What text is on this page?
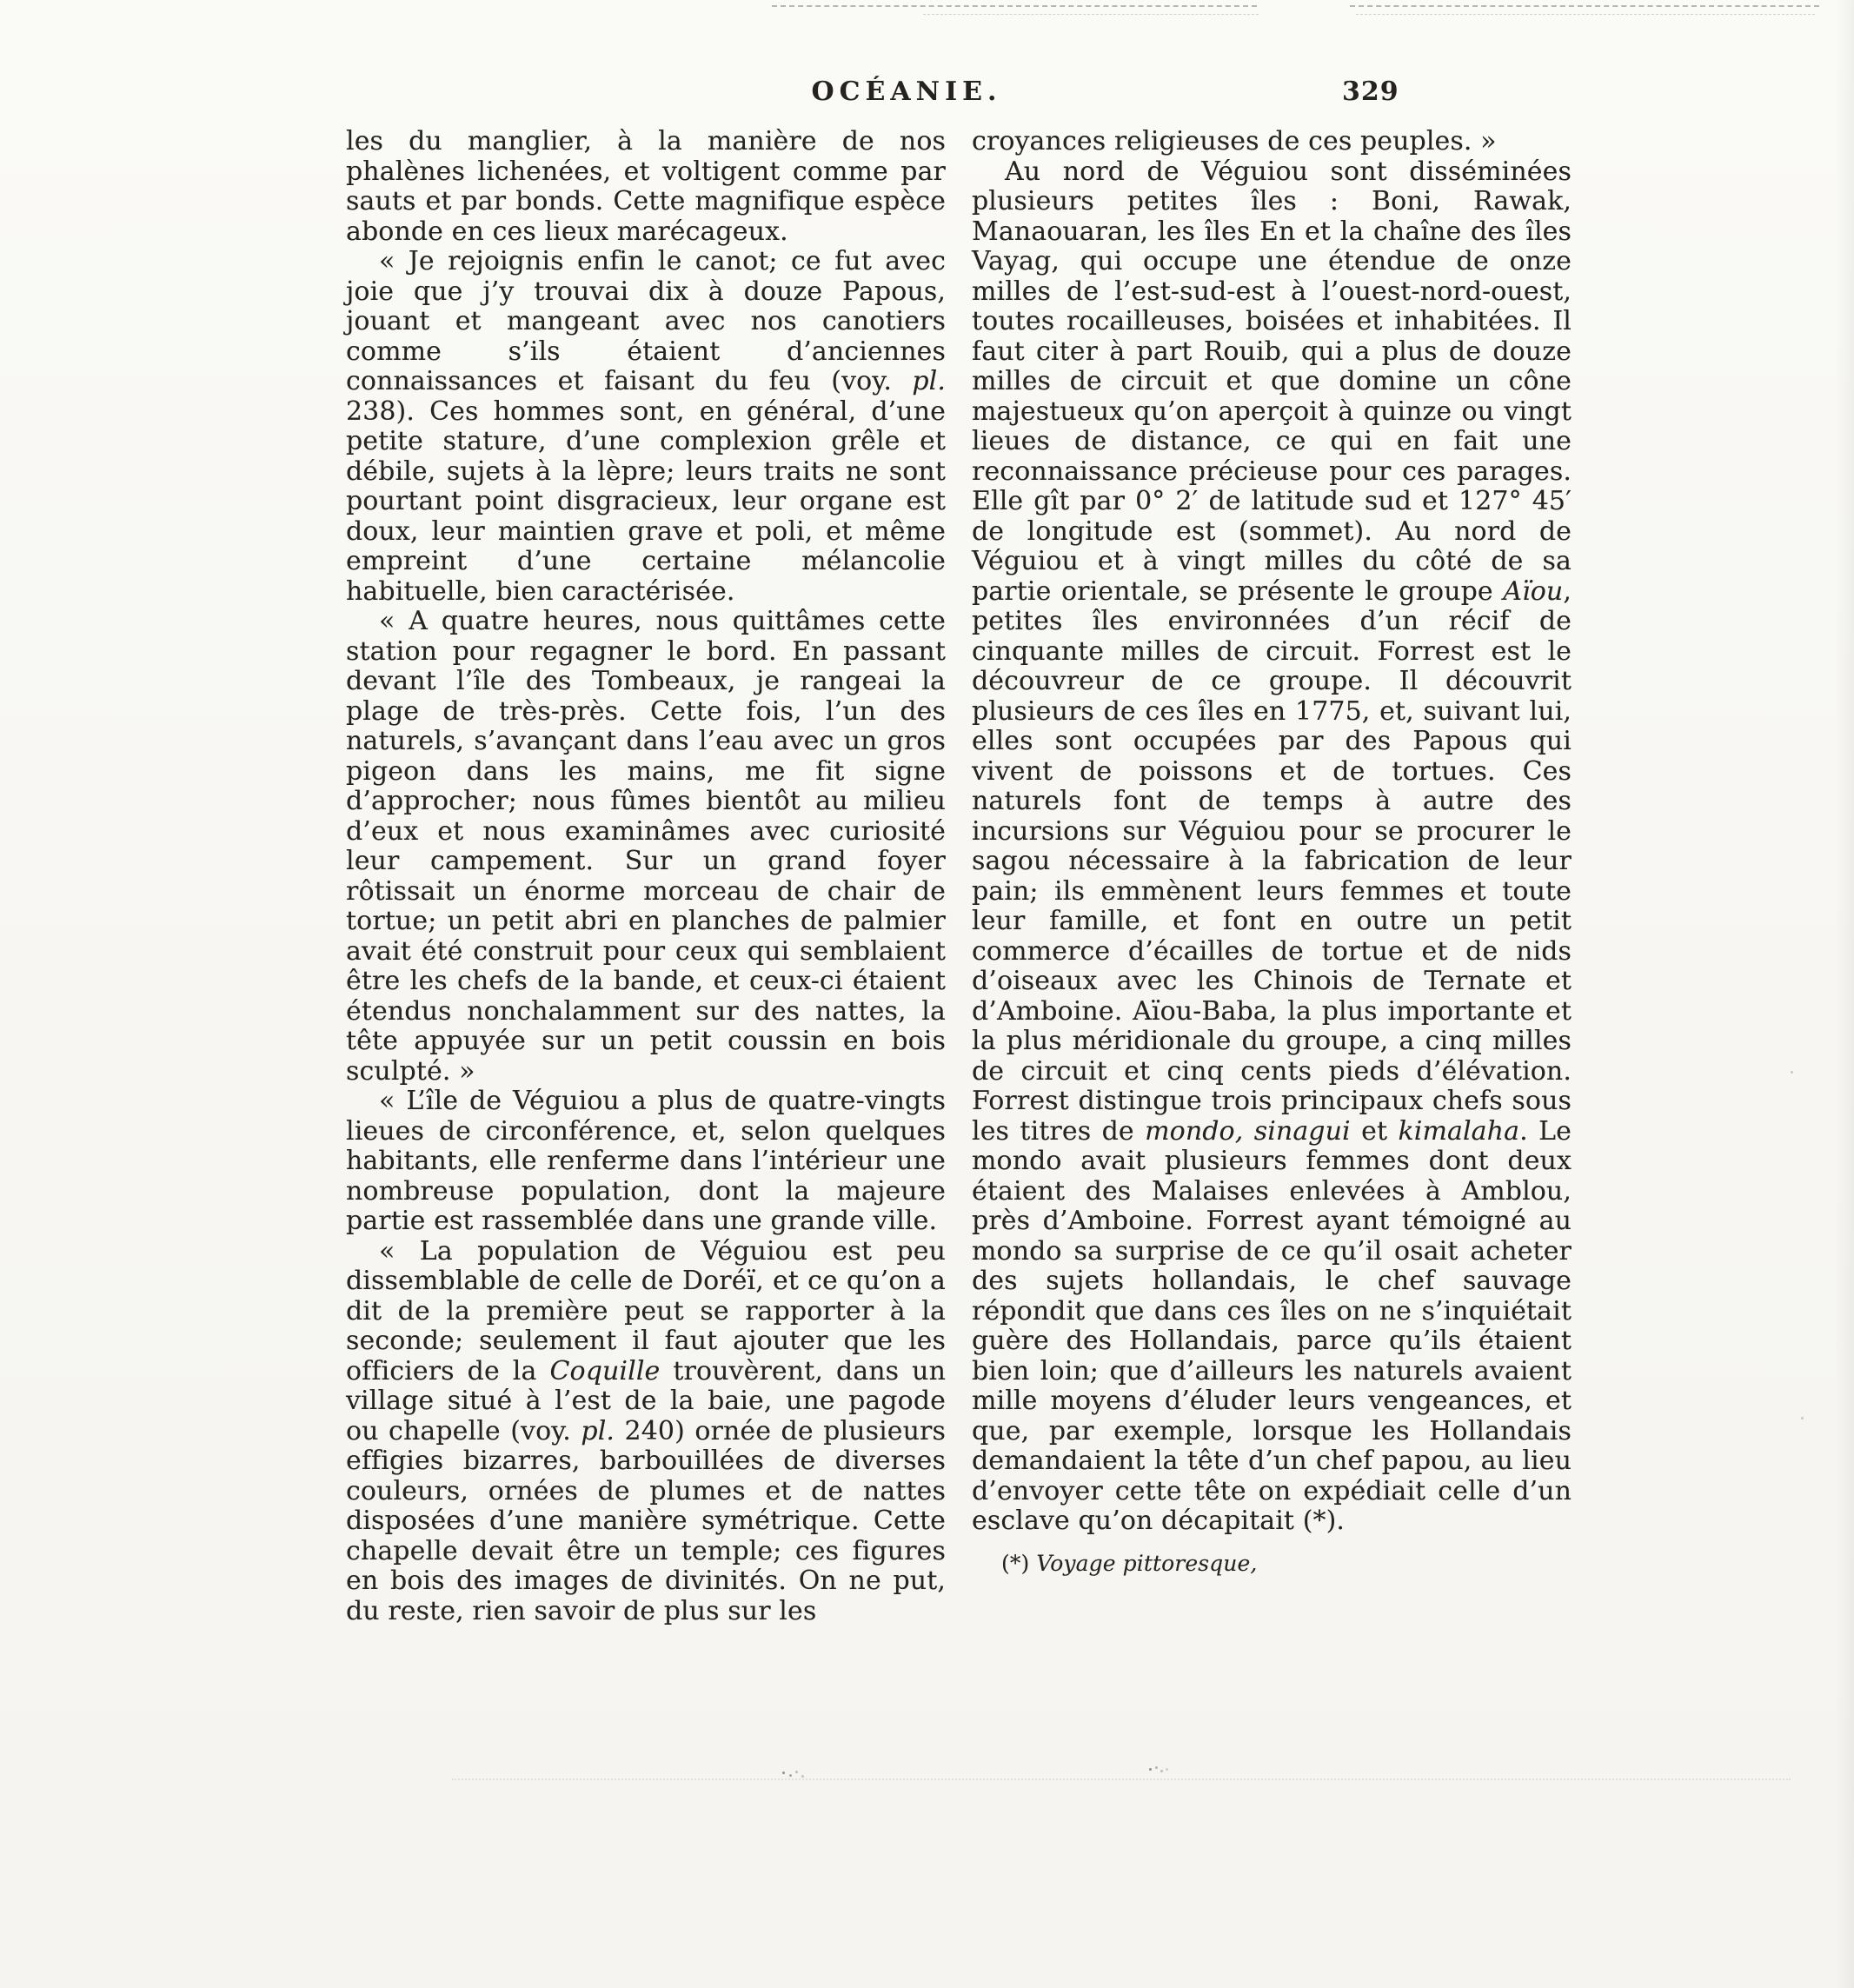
OCÉANIE.	329

les du manglier, à la manière de nos phalènes lichenées, et voltigent comme par sauts et par bonds. Cette magnifique espèce abonde en ces lieux marécageux.

« Je rejoignis enfin le canot; ce fut avec joie que j’y trouvai dix à douze Papous, jouant et mangeant avec nos canotiers comme s’ils étaient d’anciennes connaissances et faisant du feu (voy. pl. 238). Ces hommes sont, en général, d’une petite stature, d’une complexion grêle et débile, sujets à la lèpre; leurs traits ne sont pourtant point disgracieux, leur organe est doux, leur maintien grave et poli, et même empreint d’une certaine mélancolie habituelle, bien caractérisée.

« A quatre heures, nous quittâmes cette station pour regagner le bord. En passant devant l’île des Tombeaux, je rangeai la plage de très-près. Cette fois, l’un des naturels, s’avançant dans l’eau avec un gros pigeon dans les mains, me fit signe d’approcher; nous fûmes bientôt au milieu d’eux et nous examinâmes avec curiosité leur campement. Sur un grand foyer rôtissait un énorme morceau de chair de tortue; un petit abri en planches de palmier avait été construit pour ceux qui semblaient être les chefs de la bande, et ceux-ci étaient étendus nonchalamment sur des nattes, la tête appuyée sur un petit coussin en bois sculpté. »

« L’île de Véguiou a plus de quatre-vingts lieues de circonférence, et, selon quelques habitants, elle renferme dans l’intérieur une nombreuse population, dont la majeure partie est rassemblée dans une grande ville.

« La population de Véguiou est peu dissemblable de celle de Doréï, et ce qu’on a dit de la première peut se rapporter à la seconde; seulement il faut ajouter que les officiers de la Coquille trouvèrent, dans un village situé à l’est de la baie, une pagode ou chapelle (voy. pl. 240) ornée de plusieurs effigies bizarres, barbouillées de diverses couleurs, ornées de plumes et de nattes disposées d’une manière symétrique. Cette chapelle devait être un temple; ces figures en bois des images de divinités. On ne put, du reste, rien savoir de plus sur les

croyances religieuses de ces peuples. »

Au nord de Véguiou sont disséminées plusieurs petites îles : Boni, Rawak, Manaouaran, les îles En et la chaîne des îles Vayag, qui occupe une étendue de onze milles de l’est-sud-est à l’ouest-nord-ouest, toutes rocailleuses, boisées et inhabitées. Il faut citer à part Rouib, qui a plus de douze milles de circuit et que domine un cône majestueux qu’on aperçoit à quinze ou vingt lieues de distance, ce qui en fait une reconnaissance précieuse pour ces parages. Elle gît par 0° 2′ de latitude sud et 127° 45′ de longitude est (sommet). Au nord de Véguiou et à vingt milles du côté de sa partie orientale, se présente le groupe Aïou, petites îles environnées d’un récif de cinquante milles de circuit. Forrest est le découvreur de ce groupe. Il découvrit plusieurs de ces îles en 1775, et, suivant lui, elles sont occupées par des Papous qui vivent de poissons et de tortues. Ces naturels font de temps à autre des incursions sur Véguiou pour se procurer le sagou nécessaire à la fabrication de leur pain; ils emmènent leurs femmes et toute leur famille, et font en outre un petit commerce d’écailles de tortue et de nids d’oiseaux avec les Chinois de Ternate et d’Amboine. Aïou-Baba, la plus importante et la plus méridionale du groupe, a cinq milles de circuit et cinq cents pieds d’élévation. Forrest distingue trois principaux chefs sous les titres de mondo, sinagui et kimalaha. Le mondo avait plusieurs femmes dont deux étaient des Malaises enlevées à Amblou, près d’Amboine. Forrest ayant témoigné au mondo sa surprise de ce qu’il osait acheter des sujets hollandais, le chef sauvage répondit que dans ces îles on ne s’inquiétait guère des Hollandais, parce qu’ils étaient bien loin; que d’ailleurs les naturels avaient mille moyens d’éluder leurs vengeances, et que, par exemple, lorsque les Hollandais demandaient la tête d’un chef papou, au lieu d’envoyer cette tête on expédiait celle d’un esclave qu’on décapitait (*).

(*) Voyage pittoresque,
